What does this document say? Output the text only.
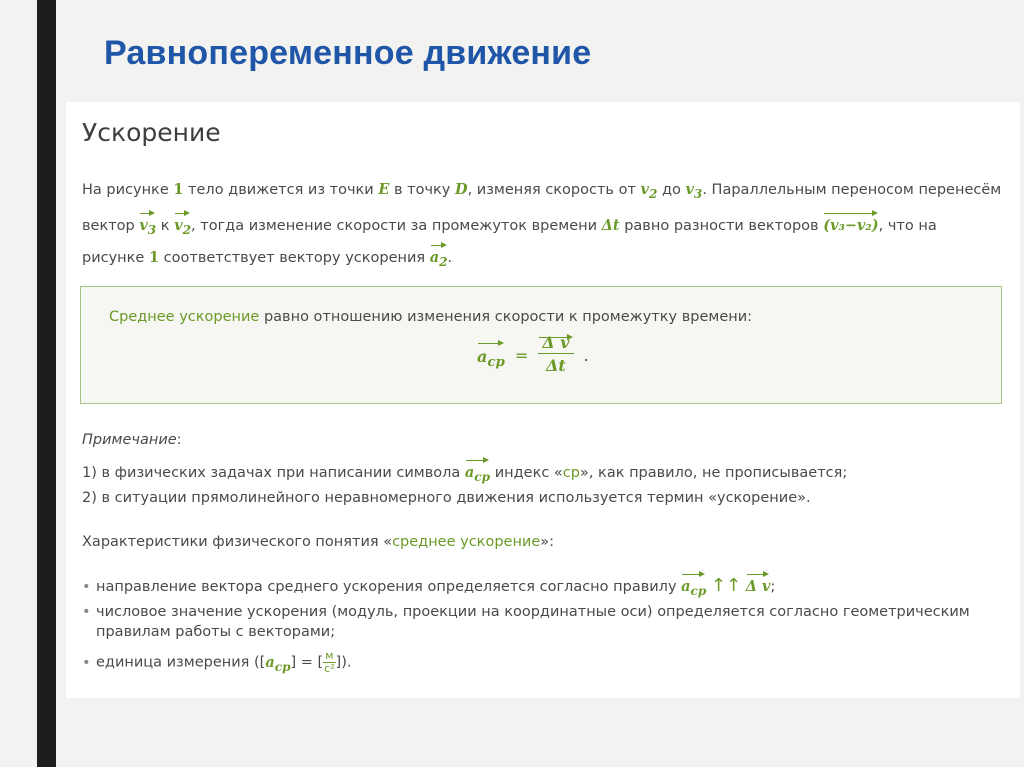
Равнопеременное движение
Ускорение
На рисунке 1 тело движется из точки E в точку D, изменяя скорость от $v_2$ до $v_3$. Параллельным переносом перенесём вектор $v_3$ к $v_2$, тогда изменение скорости за промежуток времени Δt равно разности векторов (v₃−v₂), что на рисунке 1 соответствует вектору ускорения $a_2$.
Среднее ускорение равно отношению изменения скорости к промежутку времени:
$a_{ср} = \frac{\text{Δ v}}{\Delta t}$ .
Примечание:
1) в физических задачах при написании символа $a_{ср}$ индекс «ср», как правило, не прописывается;
2) в ситуации прямолинейного неравномерного движения используется термин «ускорение».
Характеристики физического понятия «среднее ускорение»:
• направление вектора среднего ускорения определяется согласно правилу $a_{ср}$ ↑↑ Δ v;
• числовое значение ускорения (модуль, проекции на координатные оси) определяется согласно геометрическим правилам работы с векторами;
• единица измерения ($[a_{ср}]$ = [ $\frac{м}{\text{с²}}$ ]).
